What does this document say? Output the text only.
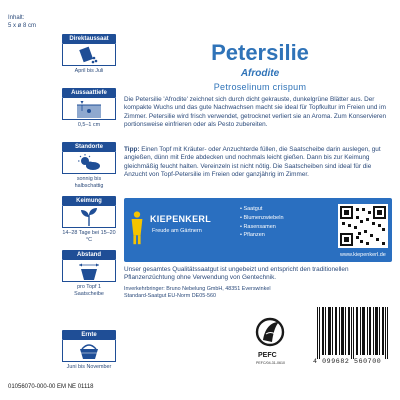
Inhalt:
5 x ø 8 cm
Direktaussaat
April bis Juli
Aussaattiefe
0,5–1 cm
Standorte
sonnig bis halbschattig
Keimung
14–28 Tage bei 15–20 °C
Abstand
pro Topf 1 Saatscheibe
Ernte
Juni bis November
Petersilie
Afrodite
Petroselinum crispum
Die Petersilie 'Afrodite' zeichnet sich durch dicht gekrauste, dunkelgrüne Blätter aus. Der kompakte Wuchs und das gute Nachwachsen macht sie ideal für Topfkultur im Freien und im Zimmer. Petersilie wird frisch verwendet, getrocknet verliert sie an Aroma. Zum Konservieren portionsweise einfrieren oder als Pesto zubereiten.
Tipp: Einen Topf mit Kräuter- oder Anzuchterde füllen, die Saatscheibe darin auslegen, gut angießen, dünn mit Erde abdecken und nochmals leicht gießen. Dann bis zur Keimung gleichmäßig feucht halten. Vereinzeln ist nicht nötig. Die Saatscheiben sind ideal für die Anzucht von Topf-Petersilie im Freien oder ganzjährig im Zimmer.
KIEPENKERL
Freude am Gärtnern
• Saatgut
• Blumenzwiebeln
• Rasensamen
• Pflanzen
www.kiepenkerl.de
Unser gesamtes Qualitätssaatgut ist ungebeizt und entspricht den traditionellen Pflanzenzüchtung ohne Verwendung von Gentechnik.
Inverkehrbringer: Bruno Nebelung GmbH, 48351 Everswinkel
Standard-Saatgut EU-Norm DE05-560
PEFC
PEFC/04-31-0610	4 099682 560700
01056070-000-00 EM NE 01118
